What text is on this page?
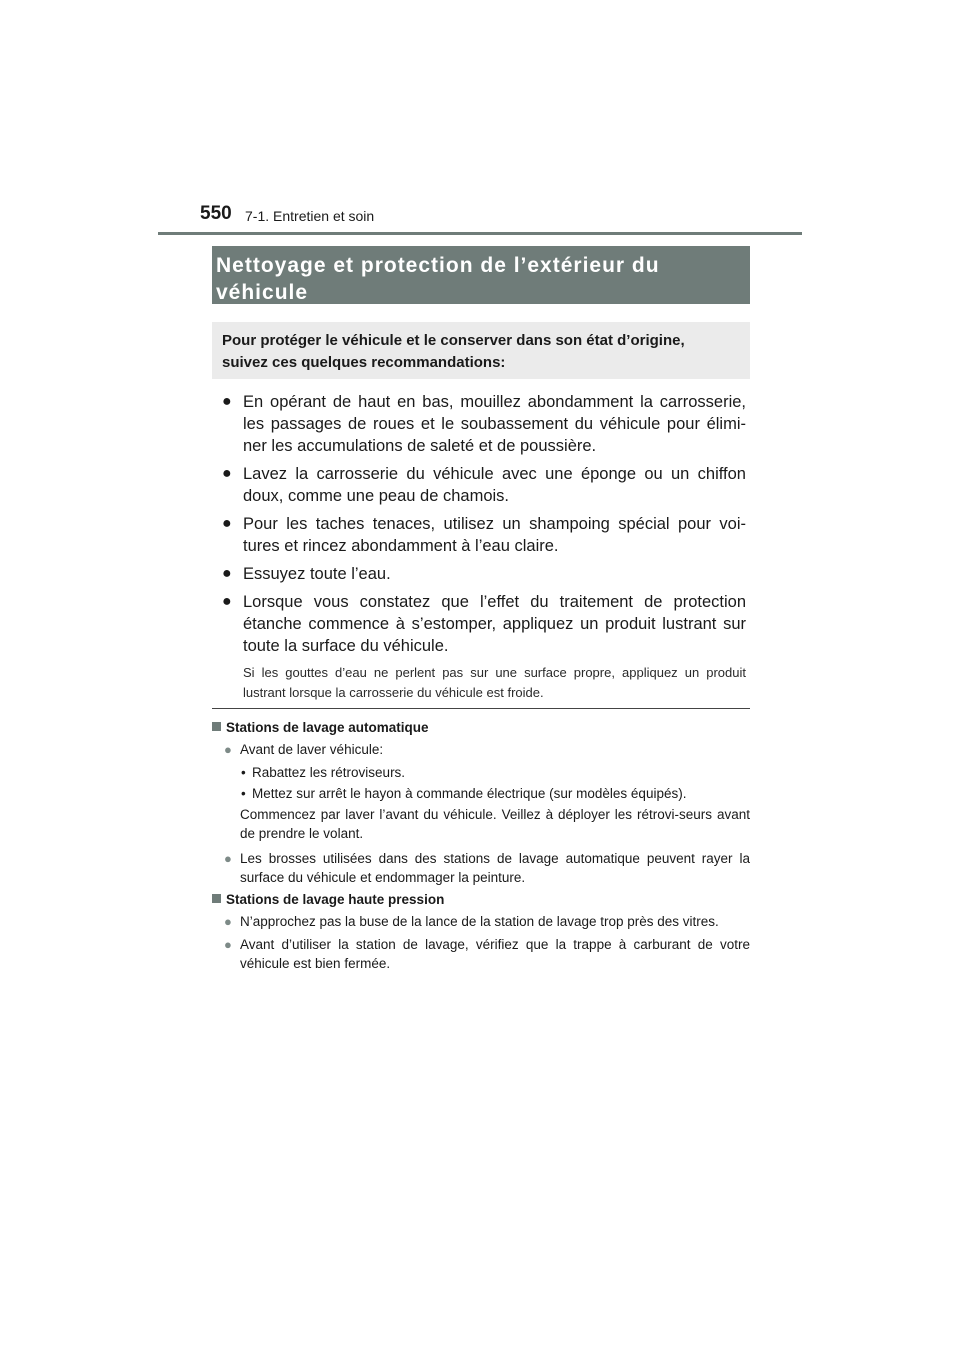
550 7-1. Entretien et soin
Nettoyage et protection de l’extérieur du
véhicule
Pour protéger le véhicule et le conserver dans son état d’origine,
suivez ces quelques recommandations:
● En opérant de haut en bas, mouillez abondamment la carrosserie, les passages de roues et le soubassement du véhicule pour élimi-ner les accumulations de saleté et de poussière.
● Lavez la carrosserie du véhicule avec une éponge ou un chiffon doux, comme une peau de chamois.
● Pour les taches tenaces, utilisez un shampoing spécial pour voi-tures et rincez abondamment à l’eau claire.
● Essuyez toute l’eau.
● Lorsque vous constatez que l’effet du traitement de protection étanche commence à s’estomper, appliquez un produit lustrant sur toute la surface du véhicule.
Si les gouttes d’eau ne perlent pas sur une surface propre, appliquez un produit lustrant lorsque la carrosserie du véhicule est froide.
Stations de lavage automatique
● Avant de laver véhicule:
• Rabattez les rétroviseurs.
• Mettez sur arrêt le hayon à commande électrique (sur modèles équipés).
Commencez par laver l’avant du véhicule. Veillez à déployer les rétrovi-seurs avant de prendre le volant.
● Les brosses utilisées dans des stations de lavage automatique peuvent rayer la surface du véhicule et endommager la peinture.
Stations de lavage haute pression
● N’approchez pas la buse de la lance de la station de lavage trop près des vitres.
● Avant d’utiliser la station de lavage, vérifiez que la trappe à carburant de votre véhicule est bien fermée.
